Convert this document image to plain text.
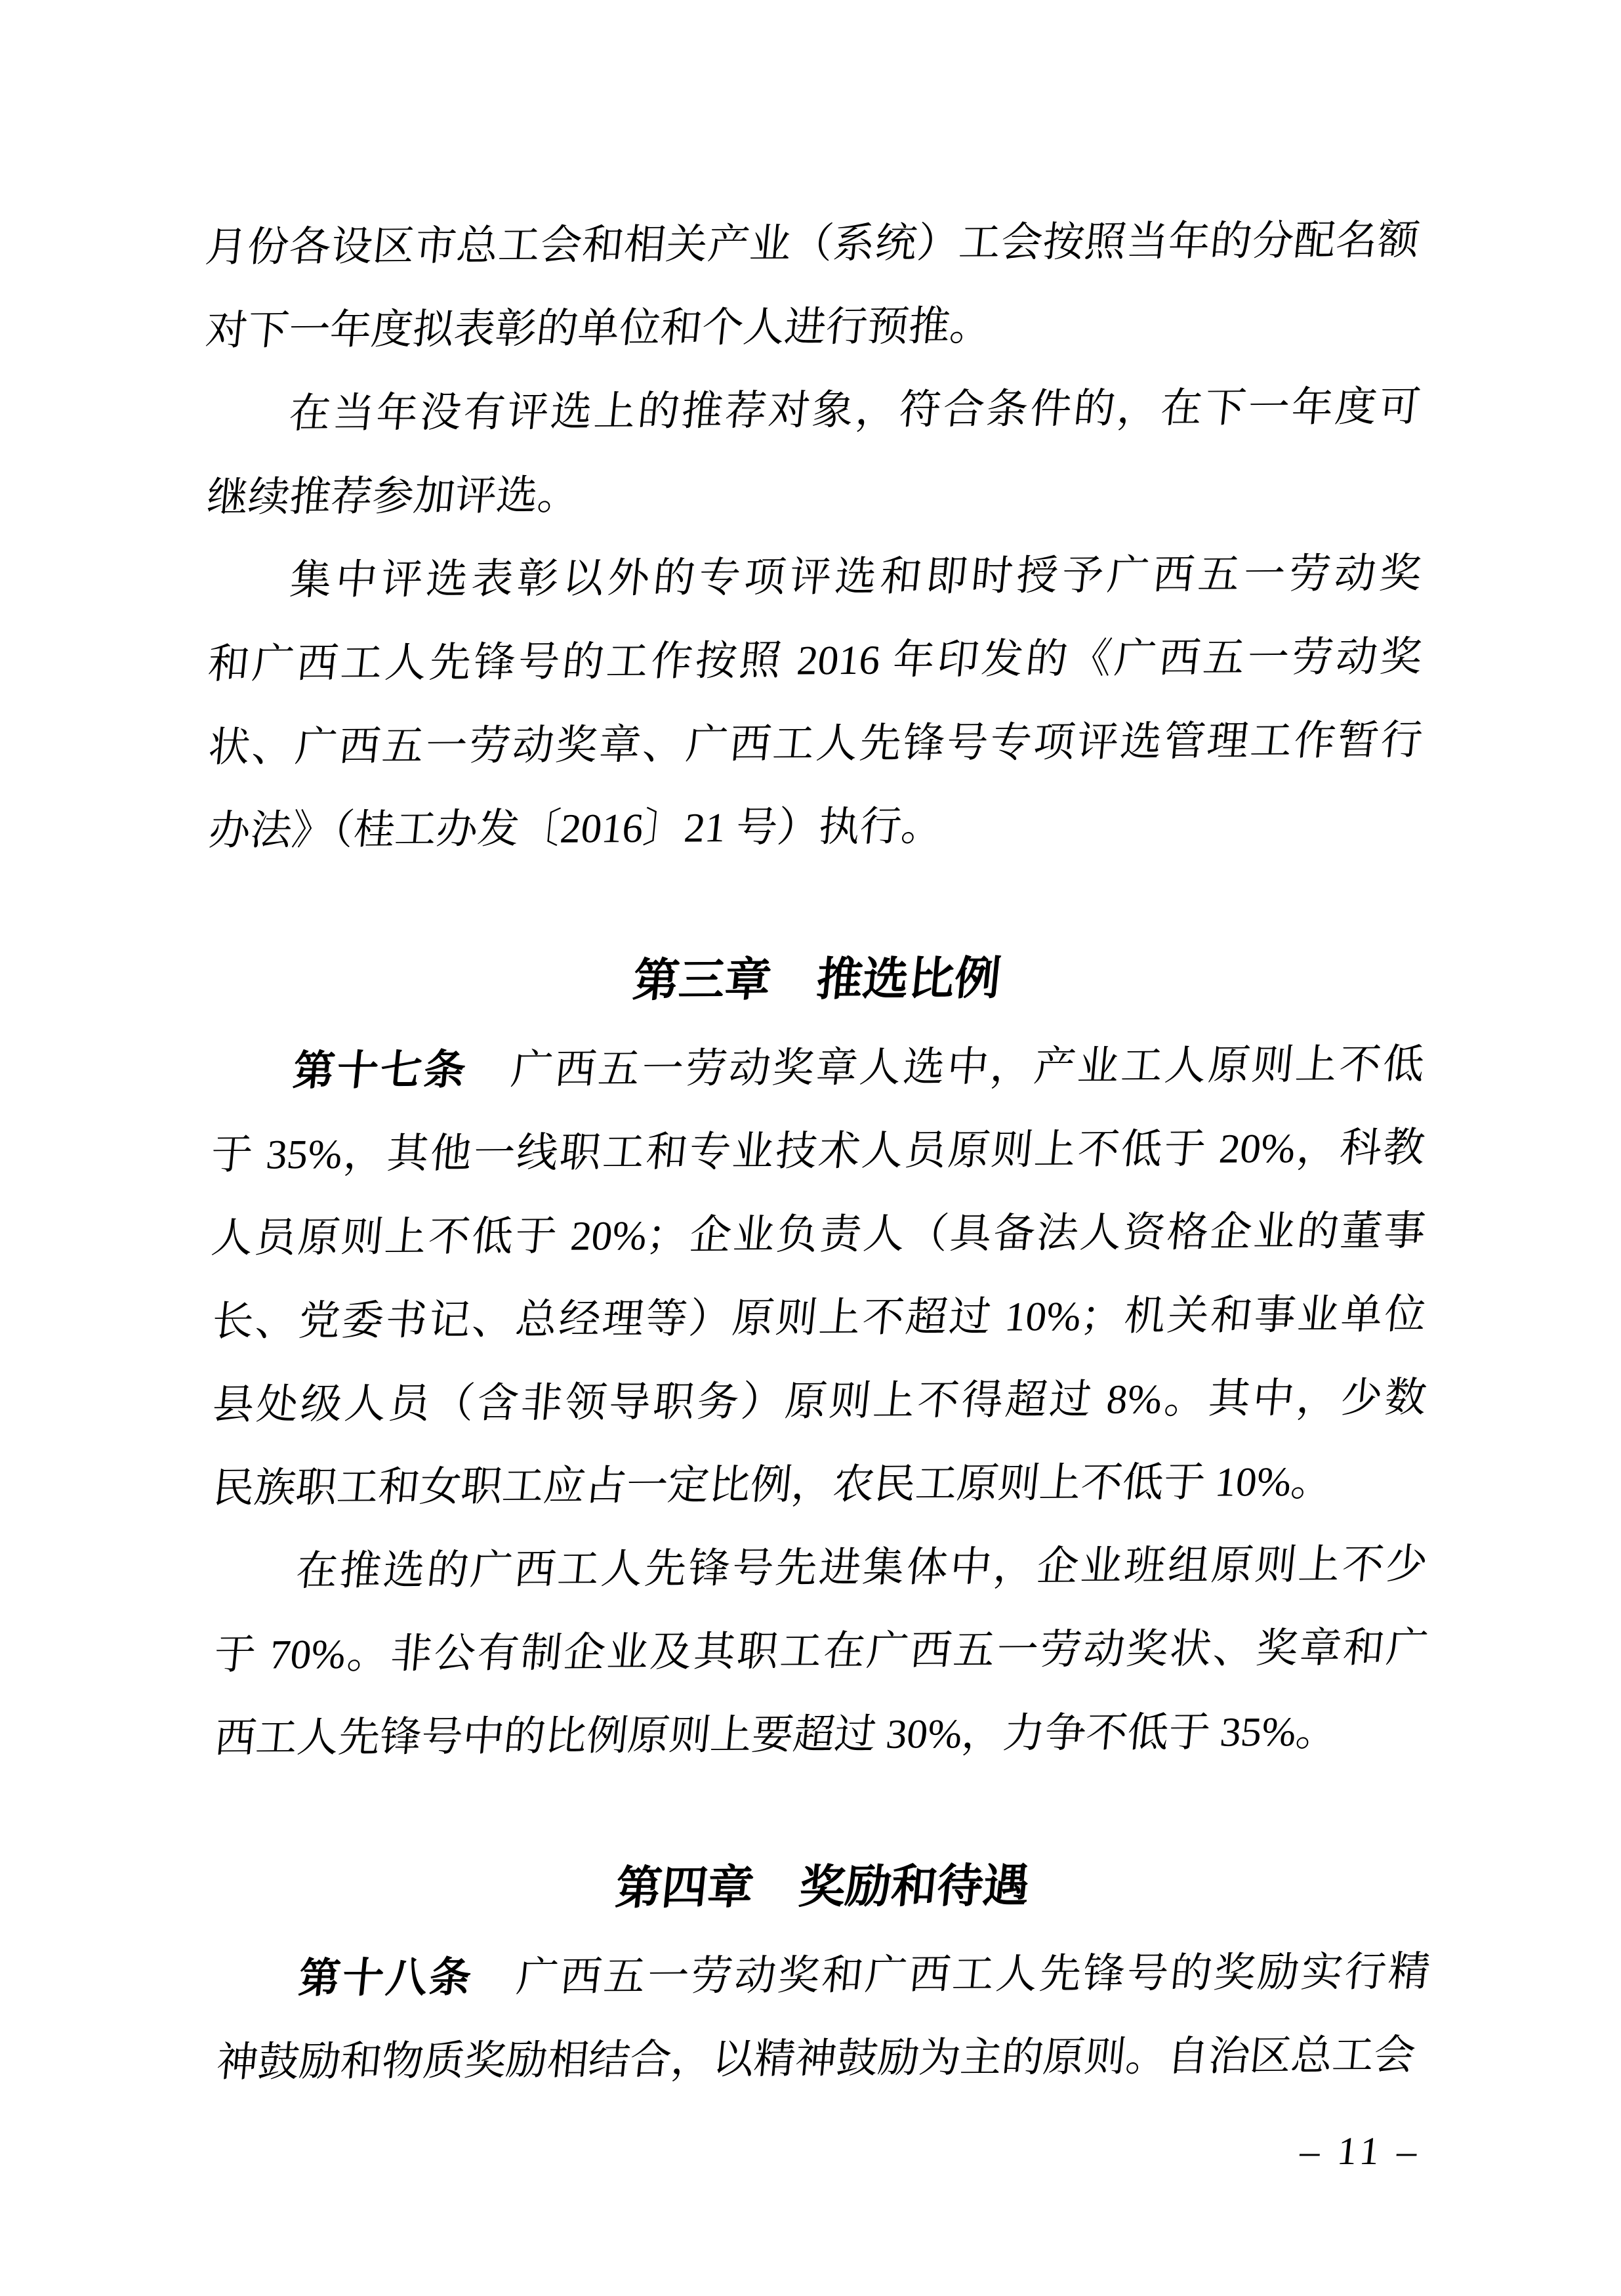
月份各设区市总工会和相关产业（系统）工会按照当年的分配名额
对下一年度拟表彰的单位和个人进行预推。
在当年没有评选上的推荐对象，符合条件的，在下一年度可
继续推荐参加评选。
集中评选表彰以外的专项评选和即时授予广西五一劳动奖
和广西工人先锋号的工作按照 2016 年印发的《广西五一劳动奖
状、广西五一劳动奖章、广西工人先锋号专项评选管理工作暂行
办法》（桂工办发〔2016〕21 号）执行。
第三章　推选比例
第十七条　广西五一劳动奖章人选中，产业工人原则上不低
于 35%，其他一线职工和专业技术人员原则上不低于 20%，科教
人员原则上不低于 20%；企业负责人（具备法人资格企业的董事
长、党委书记、总经理等）原则上不超过 10%；机关和事业单位
县处级人员（含非领导职务）原则上不得超过 8%。其中，少数
民族职工和女职工应占一定比例，农民工原则上不低于 10%。
在推选的广西工人先锋号先进集体中，企业班组原则上不少
于 70%。非公有制企业及其职工在广西五一劳动奖状、奖章和广
西工人先锋号中的比例原则上要超过 30%，力争不低于 35%。
第四章　奖励和待遇
第十八条　广西五一劳动奖和广西工人先锋号的奖励实行精
神鼓励和物质奖励相结合，以精神鼓励为主的原则。自治区总工会
– 11 –
